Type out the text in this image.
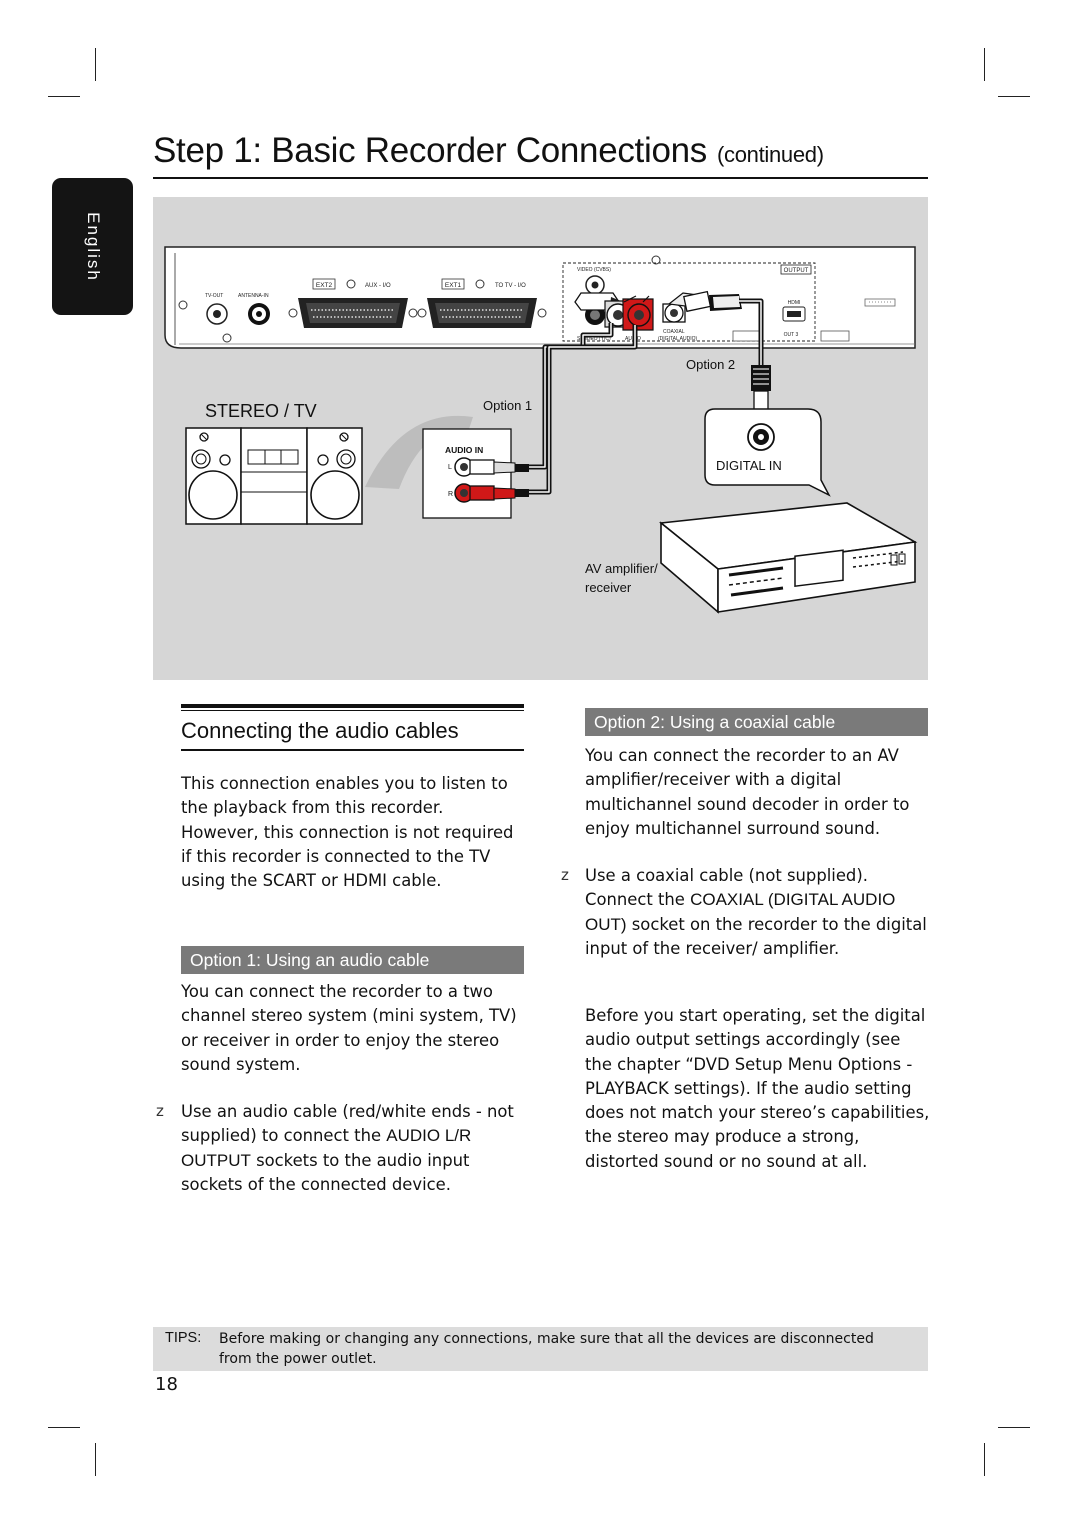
Step 1: Basic Recorder Connections (continued)
English
TV-OUT	ANTENNA-IN
EXT2	AUX - I/O	EXT1	TO TV - I/O
VIDEO (CVBS)	OUTPUT
S-VIDEO (Y/C)	AUDIO	(DIGITAL AUDIO)
COAXIAL
HDMI
OUT 3
STEREO / TV	Option 1
AUDIO IN
L
R
Option 2
DIGITAL IN
AV amplifier/
receiver
Connecting the audio cables

This connection enables you to listen to the playback from this recorder. However, this connection is not required if this recorder is connected to the TV using the SCART or HDMI cable.

Option 1: Using an audio cable

You can connect the recorder to a two channel stereo system (mini system, TV) or receiver in order to enjoy the stereo sound system.

z Use an audio cable (red/white ends - not supplied) to connect the AUDIO L/R OUTPUT sockets to the audio input sockets of the connected device.

Option 2: Using a coaxial cable

You can connect the recorder to an AV amplifier/receiver with a digital multichannel sound decoder in order to enjoy multichannel surround sound.

z Use a coaxial cable (not supplied). Connect the COAXIAL (DIGITAL AUDIO OUT) socket on the recorder to the digital input of the receiver/ amplifier.

Before you start operating, set the digital audio output settings accordingly (see the chapter “DVD Setup Menu Options - PLAYBACK settings). If the audio setting does not match your stereo’s capabilities, the stereo may produce a strong, distorted sound or no sound at all.

TIPS: Before making or changing any connections, make sure that all the devices are disconnected from the power outlet.

18
